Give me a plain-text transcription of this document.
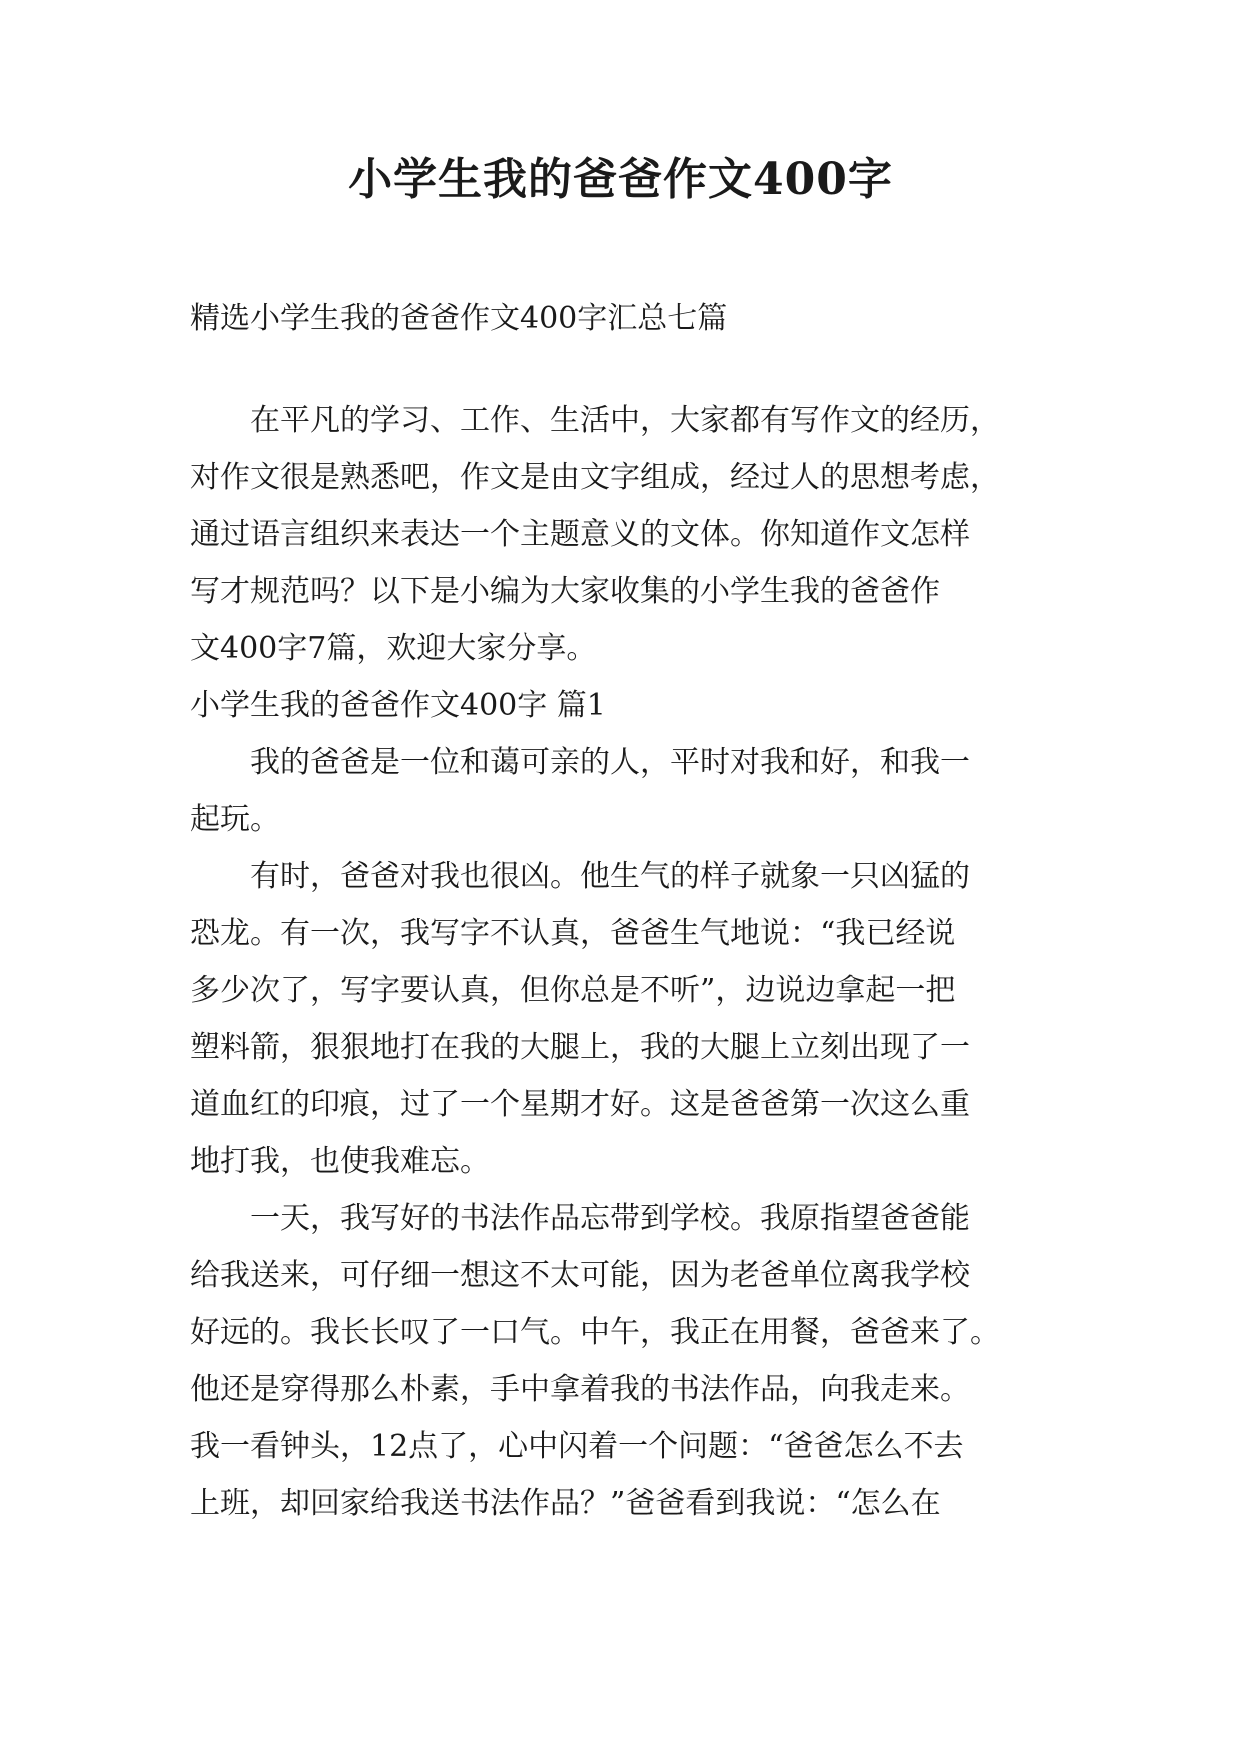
小学生我的爸爸作文400字
精选小学生我的爸爸作文400字汇总七篇
　　在平凡的学习、工作、生活中，大家都有写作文的经历，
对作文很是熟悉吧，作文是由文字组成，经过人的思想考虑，
通过语言组织来表达一个主题意义的文体。你知道作文怎样
写才规范吗？以下是小编为大家收集的小学生我的爸爸作
文400字7篇，欢迎大家分享。
小学生我的爸爸作文400字 篇1
　　我的爸爸是一位和蔼可亲的人，平时对我和好，和我一
起玩。
　　有时，爸爸对我也很凶。他生气的样子就象一只凶猛的
恐龙。有一次，我写字不认真，爸爸生气地说：“我已经说
多少次了，写字要认真，但你总是不听”，边说边拿起一把
塑料箭，狠狠地打在我的大腿上，我的大腿上立刻出现了一
道血红的印痕，过了一个星期才好。这是爸爸第一次这么重
地打我，也使我难忘。
　　一天，我写好的书法作品忘带到学校。我原指望爸爸能
给我送来，可仔细一想这不太可能，因为老爸单位离我学校
好远的。我长长叹了一口气。中午，我正在用餐，爸爸来了。
他还是穿得那么朴素，手中拿着我的书法作品，向我走来。
我一看钟头，12点了，心中闪着一个问题：“爸爸怎么不去
上班，却回家给我送书法作品？”爸爸看到我说：“怎么在
